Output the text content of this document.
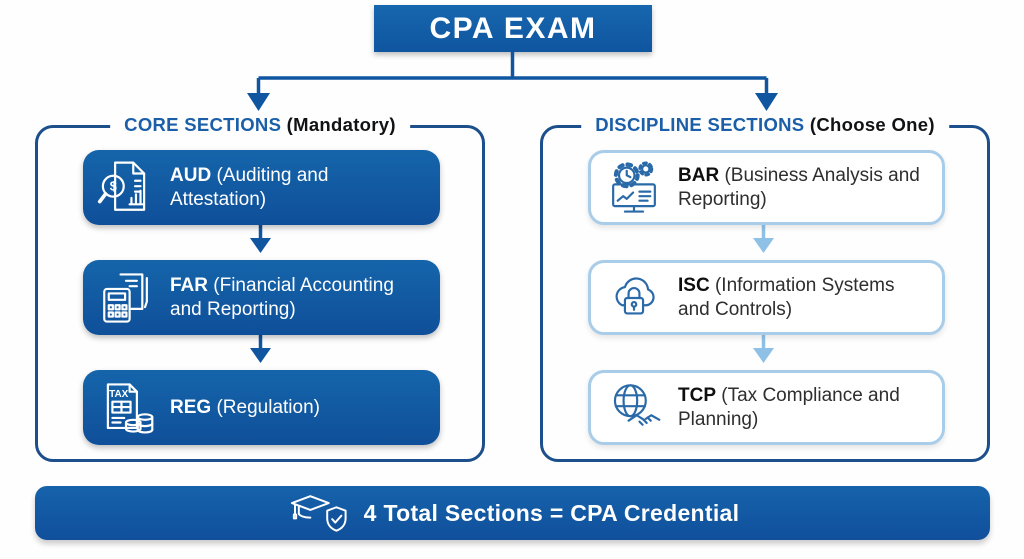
CPA EXAM
CORE SECTIONS (Mandatory)
$

AUD (Auditing and Attestation)

FAR (Financial Accounting and Reporting)

TAX

REG (Regulation)

DISCIPLINE SECTIONS (Choose One)

BAR (Business Analysis and Reporting)

ISC (Information Systems and Controls)

TCP (Tax Compliance and Planning)

4 Total Sections = CPA Credential
